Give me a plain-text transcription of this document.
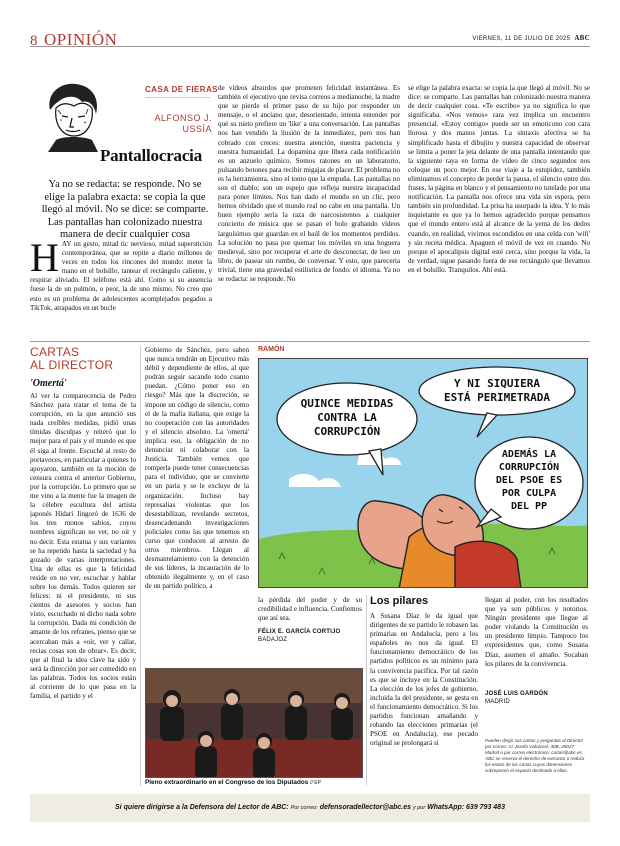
8 OPINIÓN	VIERNES, 11 DE JULIO DE 2025 ABC
CASA DE FIERAS
ALFONSO J.
USSÍA
Pantallocracia
Ya no se redacta: se responde. No se elige la palabra exacta: se copia la que llegó al móvil. No se dice: se comparte. Las pantallas han colonizado nuestra manera de decir cualquier cosa
HAY un gesto, mitad tic nervioso, mitad superstición contemporánea, que se repite a diario millones de veces en todos los rincones del mundo: meter la mano en el bolsillo, tantear el rectángulo caliente, y respirar aliviado. El teléfono está ahí. Como si su ausencia fuese la de un pulmón, o peor, la de uno mismo. No creo que esto es un problema de adolescentes acomplejados pegados a TikTok, atrapados en un bucle
de vídeos absurdos que prometen felicidad instantánea. Es también el ejecutivo que revisa correos a medianoche, la madre que se pierde el primer paso de su hijo por responder un mensaje, o el anciano que, desorientado, intenta entender por qué su nieto prefiere un 'like' a una conversación. Las pantallas nos han vendido la ilusión de la inmediatez, pero nos han cobrado con creces: nuestra atención, nuestra paciencia y nuestra humanidad. La dopamina que libera cada notificación es un anzuelo químico. Somos ratones en un laboratorio, pulsando botones para recibir migajas de placer. El problema no es la herramienta, sino el tonto que la empuña. Las pantallas no son el diablo; son un espejo que refleja nuestra incapacidad para poner límites. Nos han dado el mundo en un clic, pero hemos olvidado que el mundo real no cabe en una pantalla. Un buen ejemplo sería la raza de narcosistentes a cualquier concierto de música que se pasan el bolo grabando vídeos larguísimos que guardan en el baúl de los momentos perdidos. La solución no pasa por quemar los móviles en una hoguera medieval, sino por recuperar el arte de desconectar, de leer un libro, de pasear sin rumbo, de conversar. Y esto, que parecería trivial, tiene una gravedad estilística de fondo: el idioma. Ya no se redacta: se responde. No
se elige la palabra exacta: se copia la que llegó al móvil. No se dice: se comparte. Las pantallas han colonizado nuestra manera de decir cualquier cosa. «Te escribo» ya no significa lo que significaba. «Nos vemos» rara vez implica un encuentro presencial. «Estoy contigo» puede ser un emoticono con cara llorosa y dos manos juntas. La sintaxis afectiva se ha simplificado hasta el dibujito y nuestra capacidad de observar se limita a poner la jeta delante de una pantalla intentando que la siguiente raya en forma de vídeo de cinco segundos nos coloque un poco mejor. En ese viaje a la estupidez, también eliminamos el concepto de perder la pausa, el silencio entre dos frases, la página en blanco y el pensamiento no tutelado por una notificación. La pantalla nos ofrece una vida sin espera, pero también sin profundidad. La prisa ha usurpado la idea. Y lo más inquietante es que ya lo hemos agradecido porque pensamos que el mundo entero está al alcance de la yema de los dedos cuando, en realidad, vivimos escondidos en una celda con 'wifi' y sin receta médica. Apaguen el móvil de vez en cuando. No porque el apocalipsis digital esté cerca, sino porque la vida, la de verdad, sigue pasando fuera de ese rectángulo que llevamos en el bolsillo. Tranquilos. Ahí está.
CARTAS
AL DIRECTOR
'Omertá'
Al ver la comparecencia de Pedro Sánchez para tratar el tema de la corrupción, en la que anunció sus nada creíbles medidas, pidió unas tímidas disculpas y reiteró que lo mejor para el país y el mundo es que él siga al frente. Escuché al resto de portavoces, en particular a quienes lo apoyaron, también en la moción de censura contra el anterior Gobierno, por la corrupción. Lo primero que se me vino a la mente fue la imagen de la célebre escultura del artista japonés Hidari Jingoró de 1636 de los tres monos sabios, cuyos nombres significan no ver, no oír y no decir. Esta estatua y sus variantes se ha repetido hasta la saciedad y ha gozado de varias interpretaciones. Una de ellas es que la felicidad reside en no ver, escuchar y hablar sobre los demás. Todos quieren ser felices: ni el presidente, ni sus cientos de asesores y socios han visto, escuchado ni dicho nada sobre la corrupción. Dada mi condición de amante de los refranes, pienso que se acercaban más a «oír, ver y callar, recias cosas son de obrar». Es decir, que al final la idea clave ha sido y será la dirección por ser comedido en las palabras. Todos los socios están al corriente de lo que pasa en la familia, el partido y el
Gobierno de Sánchez, pero saben que nunca tendrán un Ejecutivo más débil y dependiente de ellos, al que podrán seguir sacando todo cuanto puedan. ¿Cómo poner eso en riesgo? Más que la discreción, se impone un código de silencio, como el de la mafia italiana, que exige la no cooperación con las autoridades y el silencio absoluto. La 'omertá' implica eso, la obligación de no denunciar ni colaborar con la Justicia. También vemos que romperla puede tener consecuencias para el individuo, que se convierte en un paria y se le excluye de la organización. Incluso hay represalias violentas que los desestabilizan, revelando secretos, desencadenando investigaciones policiales como las que tenemos en curso que conducen al arresto de otros miembros. Llegan al desmantelamiento con la detención de sus líderes, la incautación de lo obtenido ilegalmente y, en el caso de un partido político, a
la pérdida del poder y de su credibilidad e influencia. Confiemos que así sea.
FÉLIX E. GARCÍA CORTIJO
BADAJOZ
RAMÓN
QUINCE MEDIDAS
CONTRA LA
CORRUPCIÓN
Y NI SIQUIERA
ESTÁ PERIMETRADA
ADEMÁS LA
CORRUPCIÓN
DEL PSOE ES
POR CULPA
DEL PP
Pleno extraordinario en el Congreso de los Diputados // EP
Los pilares
A Susana Díaz le da igual que dirigentes de su partido le robasen las primarias en Andalucía, pero a los españoles no nos da igual. El funcionamiento democrático de los partidos políticos es un mínimo para la convivencia pacífica. Por tal razón es que se incluye en la Constitución. La elección de los jefes de gobierno, incluida la del presidente, se gesta en el funcionamiento democrático. Si los partidos funcionan amañando y robando las elecciones primarias (el PSOE en Andalucía), ese pecado original se prolongará si
llegan al poder, con los resultados que ya son públicos y notorios. Ningún presidente que llegue al poder violando la Constitución es un presidente limpio. Tampoco los expresidentes que, como Susana Díaz, asumen el amaño. Socaban los pilares de la convivencia.
JOSÉ LUIS GARDÓN
MADRID
Pueden dirigir sus cartas y preguntas al Director por correo: C/ Josefa Valcárcel, 40B, 28027 Madrid o por correo electrónico: cartas@abc.es. ABC se reserva el derecho de extractar o reducir los textos de las cartas cuyas dimensiones sobrepasen el espacio destinado a ellas.
Si quiere dirigirse a la Defensora del Lector de ABC: Por correo: defensoradellector@abc.es y por WhatsApp: 639 793 483
